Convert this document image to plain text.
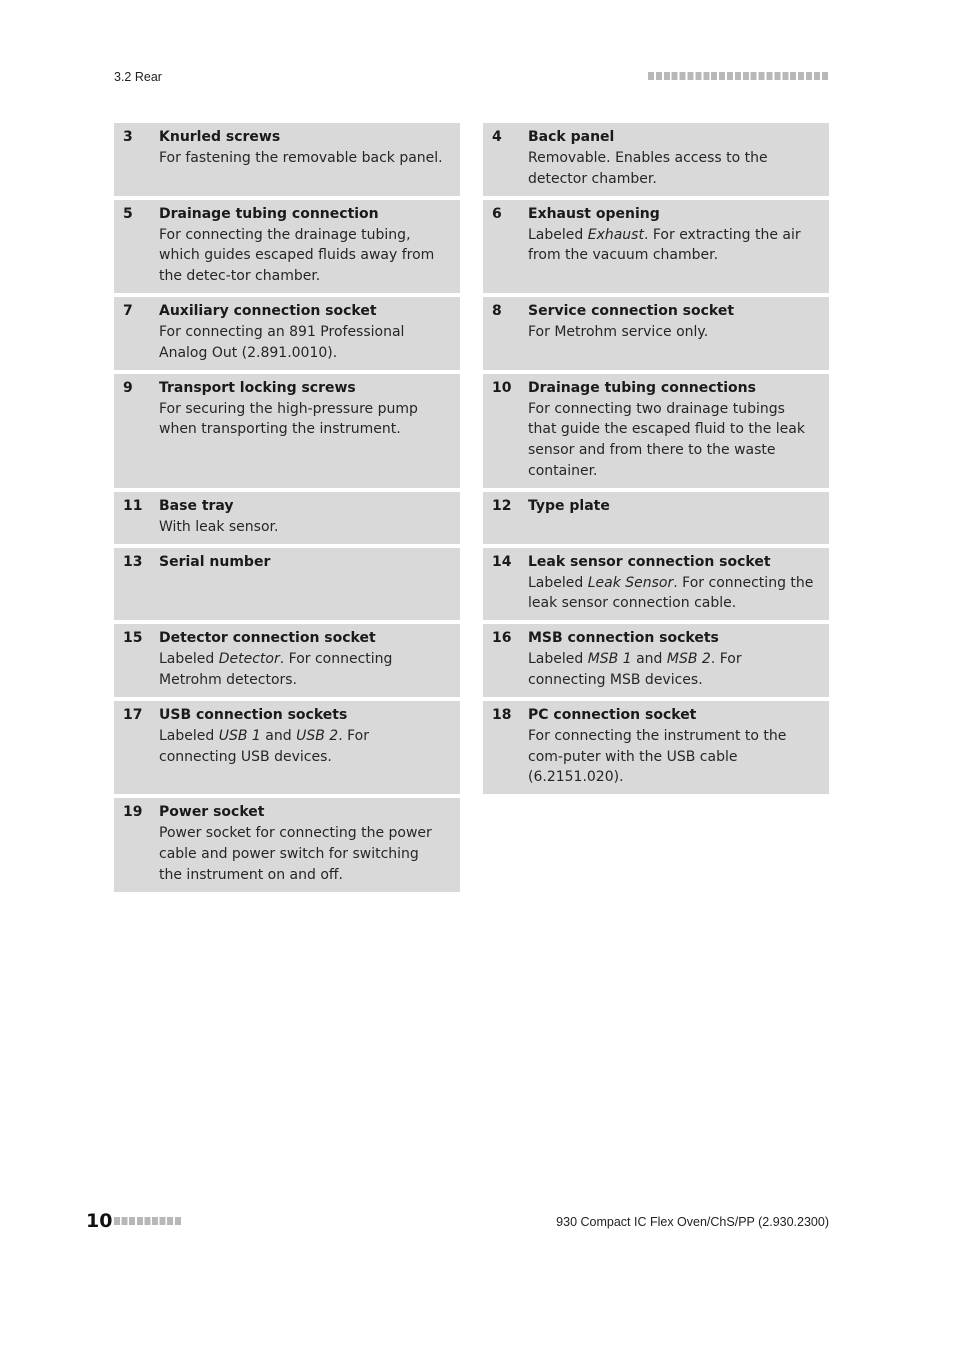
3.2 Rear
3 Knurled screws
For fastening the removable back panel.
4 Back panel
Removable. Enables access to the detector chamber.
5 Drainage tubing connection
For connecting the drainage tubing, which guides escaped fluids away from the detec-tor chamber.
6 Exhaust opening
Labeled Exhaust. For extracting the air from the vacuum chamber.
7 Auxiliary connection socket
For connecting an 891 Professional Analog Out (2.891.0010).
8 Service connection socket
For Metrohm service only.
9 Transport locking screws
For securing the high-pressure pump when transporting the instrument.
10 Drainage tubing connections
For connecting two drainage tubings that guide the escaped fluid to the leak sensor and from there to the waste container.
11 Base tray
With leak sensor.
12 Type plate
13 Serial number	14 Leak sensor connection socket
Labeled Leak Sensor. For connecting the leak sensor connection cable.
15 Detector connection socket
Labeled Detector. For connecting Metrohm detectors.
16 MSB connection sockets
Labeled MSB 1 and MSB 2. For connecting MSB devices.
17 USB connection sockets
Labeled USB 1 and USB 2. For connecting USB devices.
18 PC connection socket
For connecting the instrument to the com-puter with the USB cable (6.2151.020).
19 Power socket
Power socket for connecting the power cable and power switch for switching the instrument on and off.
10	930 Compact IC Flex Oven/ChS/PP (2.930.2300)
